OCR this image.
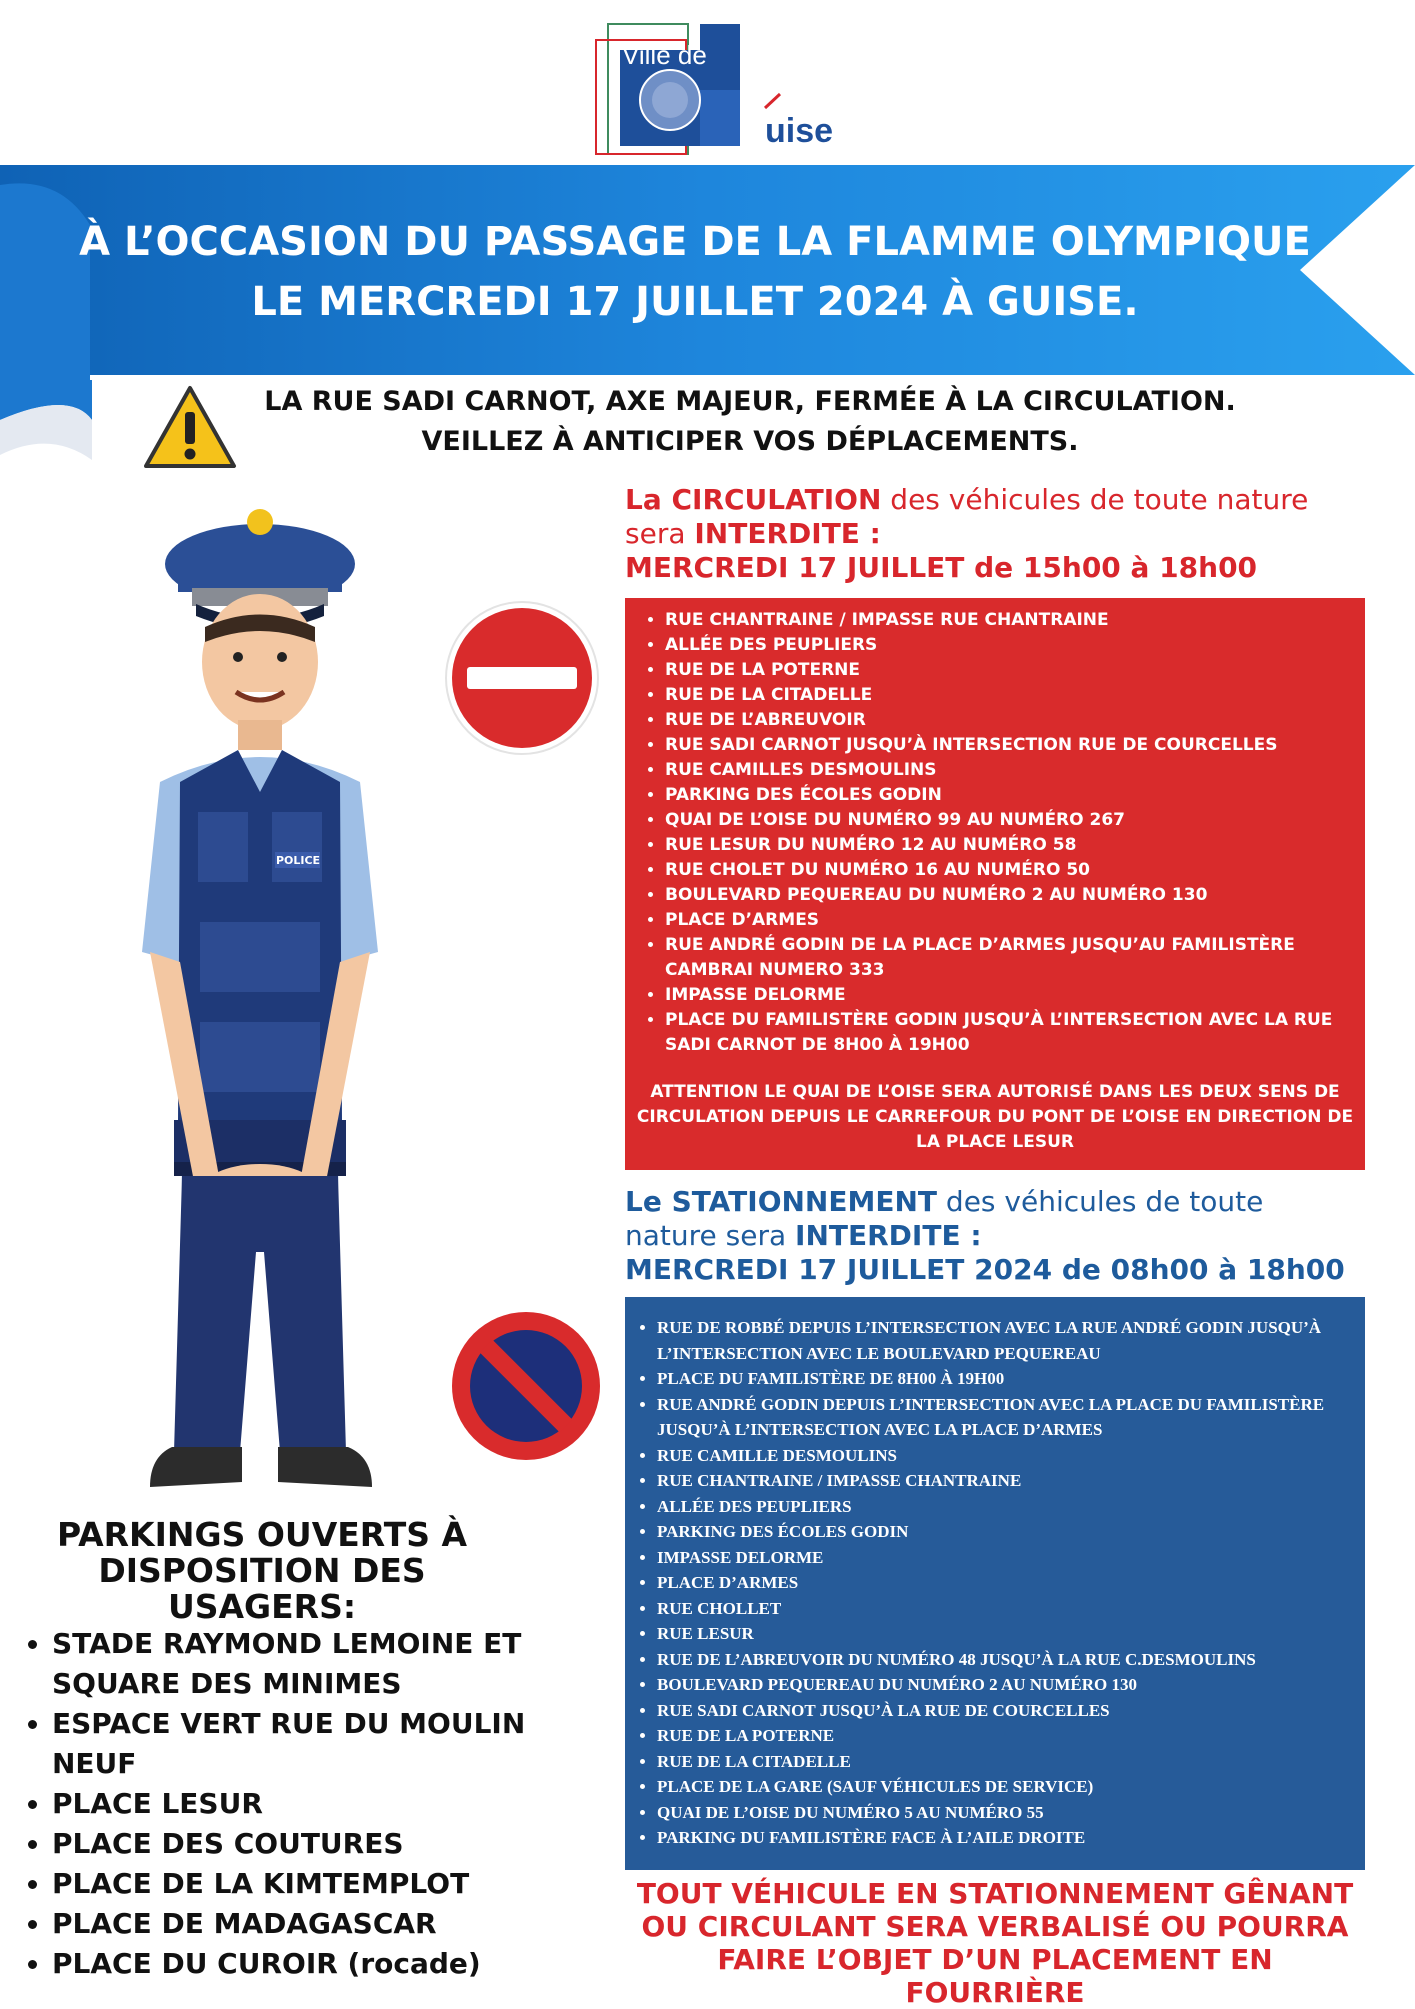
Ville de
uise
À L’OCCASION DU PASSAGE DE LA FLAMME OLYMPIQUE
LE MERCREDI 17 JUILLET 2024 À GUISE.
LA RUE SADI CARNOT, AXE MAJEUR, FERMÉE À LA CIRCULATION.
VEILLEZ À ANTICIPER VOS DÉPLACEMENTS.
POLICE
La CIRCULATION des véhicules de toute nature
sera INTERDITE :
MERCREDI 17 JUILLET de 15h00 à 18h00
• RUE CHANTRAINE / IMPASSE RUE CHANTRAINE
• ALLÉE DES PEUPLIERS
• RUE DE LA POTERNE
• RUE DE LA CITADELLE
• RUE DE L’ABREUVOIR
• RUE SADI CARNOT JUSQU’À INTERSECTION RUE DE COURCELLES
• RUE CAMILLES DESMOULINS
• PARKING DES ÉCOLES GODIN
• QUAI DE L’OISE DU NUMÉRO 99 AU NUMÉRO 267
• RUE LESUR DU NUMÉRO 12 AU NUMÉRO 58
• RUE CHOLET DU NUMÉRO 16 AU NUMÉRO 50
• BOULEVARD PEQUEREAU DU NUMÉRO 2 AU NUMÉRO 130
• PLACE D’ARMES
• RUE ANDRÉ GODIN DE LA PLACE D’ARMES JUSQU’AU FAMILISTÈRE CAMBRAI NUMERO 333
• IMPASSE DELORME
• PLACE DU FAMILISTÈRE GODIN JUSQU’À L’INTERSECTION AVEC LA RUE SADI CARNOT DE 8H00 À 19H00
ATTENTION LE QUAI DE L’OISE SERA AUTORISÉ DANS LES DEUX SENS DE CIRCULATION DEPUIS LE CARREFOUR DU PONT DE L’OISE EN DIRECTION DE LA PLACE LESUR
Le STATIONNEMENT des véhicules de toute
nature sera INTERDITE :
MERCREDI 17 JUILLET 2024 de 08h00 à 18h00
• RUE DE ROBBÉ DEPUIS L’INTERSECTION AVEC LA RUE ANDRÉ GODIN JUSQU’À L’INTERSECTION AVEC LE BOULEVARD PEQUEREAU
• PLACE DU FAMILISTÈRE DE 8H00 À 19H00
• RUE ANDRÉ GODIN DEPUIS L’INTERSECTION AVEC LA PLACE DU FAMILISTÈRE JUSQU’À L’INTERSECTION AVEC LA PLACE D’ARMES
• RUE CAMILLE DESMOULINS
• RUE CHANTRAINE / IMPASSE CHANTRAINE
• ALLÉE DES PEUPLIERS
• PARKING DES ÉCOLES GODIN
• IMPASSE DELORME
• PLACE D’ARMES
• RUE CHOLLET
• RUE LESUR
• RUE DE L’ABREUVOIR DU NUMÉRO 48 JUSQU’À LA RUE C.DESMOULINS
• BOULEVARD PEQUEREAU DU NUMÉRO 2 AU NUMÉRO 130
• RUE SADI CARNOT JUSQU’À LA RUE DE COURCELLES
• RUE DE LA POTERNE
• RUE DE LA CITADELLE
• PLACE DE LA GARE (SAUF VÉHICULES DE SERVICE)
• QUAI DE L’OISE DU NUMÉRO 5 AU NUMÉRO 55
• PARKING DU FAMILISTÈRE FACE À L’AILE DROITE
PARKINGS OUVERTS À
DISPOSITION DES USAGERS:
• STADE RAYMOND LEMOINE ET SQUARE DES MINIMES
• ESPACE VERT RUE DU MOULIN NEUF
• PLACE LESUR
• PLACE DES COUTURES
• PLACE DE LA KIMTEMPLOT
• PLACE DE MADAGASCAR
• PLACE DU CUROIR (rocade)
TOUT VÉHICULE EN STATIONNEMENT GÊNANT
OU CIRCULANT SERA VERBALISÉ OU POURRA
FAIRE L’OBJET D’UN PLACEMENT EN FOURRIÈRE
